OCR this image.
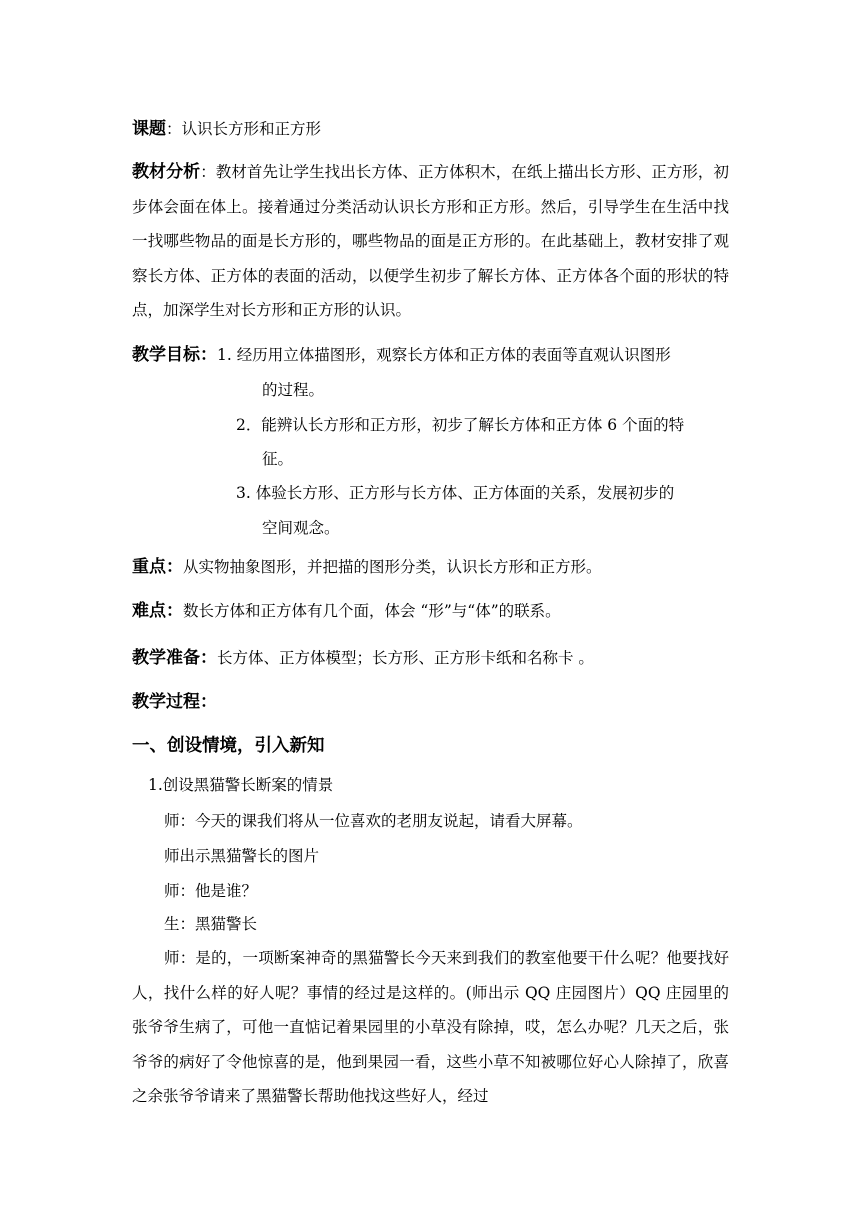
课题：认识长方形和正方形
教材分析：教材首先让学生找出长方体、正方体积木，在纸上描出长方形、正方形，初步体会面在体上。接着通过分类活动认识长方形和正方形。然后，引导学生在生活中找一找哪些物品的面是长方形的，哪些物品的面是正方形的。在此基础上，教材安排了观察长方体、正方体的表面的活动，以便学生初步了解长方体、正方体各个面的形状的特点，加深学生对长方形和正方形的认识。
教学目标：1. 经历用立体描图形，观察长方体和正方体的表面等直观认识图形
的过程。
2．能辨认长方形和正方形，初步了解长方体和正方体 6 个面的特
征。
3. 体验长方形、正方形与长方体、正方体面的关系，发展初步的
空间观念。
重点：从实物抽象图形，并把描的图形分类，认识长方形和正方形。
难点：数长方体和正方体有几个面，体会 “形”与“体”的联系。
教学准备：长方体、正方体模型；长方形、正方形卡纸和名称卡 。
教学过程：
一、创设情境，引入新知
1.创设黑猫警长断案的情景
师：今天的课我们将从一位喜欢的老朋友说起，请看大屏幕。
师出示黑猫警长的图片
师：他是谁？
生：黑猫警长
师：是的，一项断案神奇的黑猫警长今天来到我们的教室他要干什么呢？他要找好人，找什么样的好人呢？事情的经过是这样的。(师出示 QQ 庄园图片）QQ 庄园里的张爷爷生病了，可他一直惦记着果园里的小草没有除掉，哎，怎么办呢？几天之后，张爷爷的病好了令他惊喜的是，他到果园一看，这些小草不知被哪位好心人除掉了，欣喜之余张爷爷请来了黑猫警长帮助他找这些好人，经过
